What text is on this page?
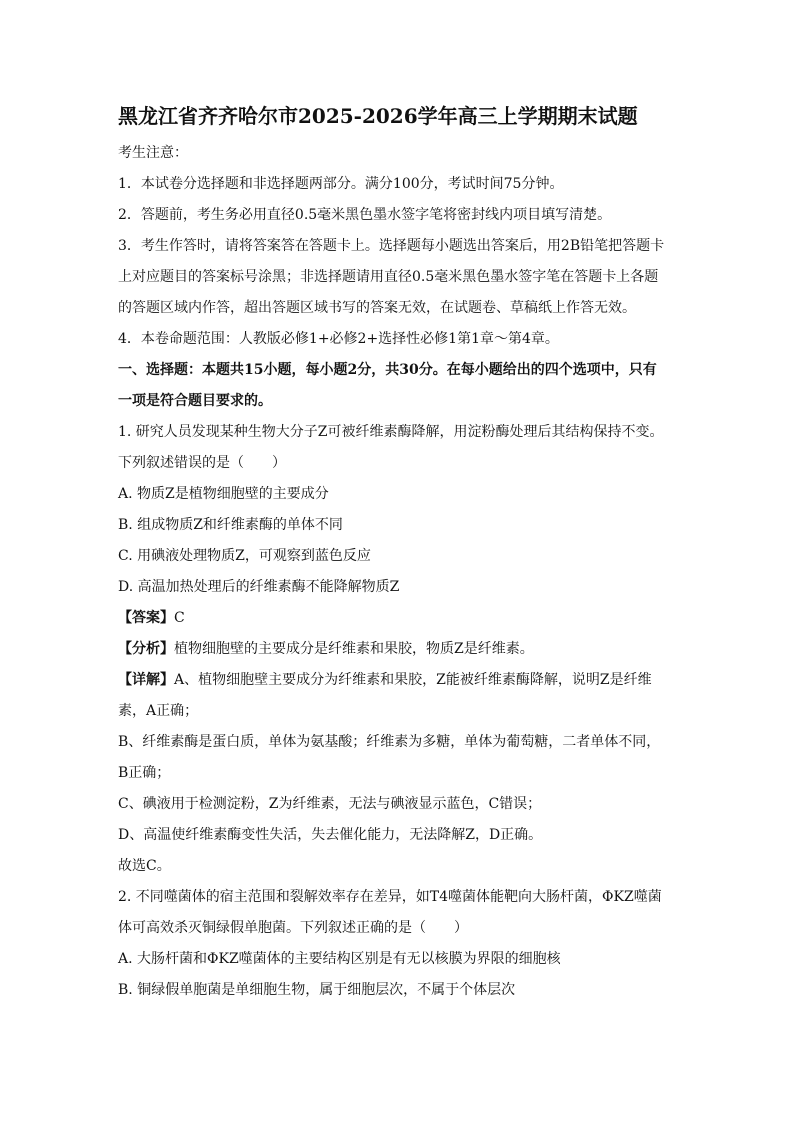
黑龙江省齐齐哈尔市2025-2026学年高三上学期期末试题
考生注意：
1．本试卷分选择题和非选择题两部分。满分100分，考试时间75分钟。
2．答题前，考生务必用直径0.5毫米黑色墨水签字笔将密封线内项目填写清楚。
3．考生作答时，请将答案答在答题卡上。选择题每小题选出答案后，用2B铅笔把答题卡
上对应题目的答案标号涂黑；非选择题请用直径0.5毫米黑色墨水签字笔在答题卡上各题
的答题区域内作答，超出答题区域书写的答案无效，在试题卷、草稿纸上作答无效。
4．本卷命题范围：人教版必修1+必修2+选择性必修1第1章～第4章。
一、选择题：本题共15小题，每小题2分，共30分。在每小题给出的四个选项中，只有
一项是符合题目要求的。
1. 研究人员发现某种生物大分子Z可被纤维素酶降解，用淀粉酶处理后其结构保持不变。
下列叙述错误的是（　　）
A. 物质Z是植物细胞壁的主要成分
B. 组成物质Z和纤维素酶的单体不同
C. 用碘液处理物质Z，可观察到蓝色反应
D. 高温加热处理后的纤维素酶不能降解物质Z
【答案】C
【分析】植物细胞壁的主要成分是纤维素和果胶，物质Z是纤维素。
【详解】A、植物细胞壁主要成分为纤维素和果胶，Z能被纤维素酶降解，说明Z是纤维
素，A正确；
B、纤维素酶是蛋白质，单体为氨基酸；纤维素为多糖，单体为葡萄糖，二者单体不同，
B正确；
C、碘液用于检测淀粉，Z为纤维素，无法与碘液显示蓝色，C错误；
D、高温使纤维素酶变性失活，失去催化能力，无法降解Z，D正确。
故选C。
2. 不同噬菌体的宿主范围和裂解效率存在差异，如T4噬菌体能靶向大肠杆菌，ΦKZ噬菌
体可高效杀灭铜绿假单胞菌。下列叙述正确的是（　　）
A. 大肠杆菌和ΦKZ噬菌体的主要结构区别是有无以核膜为界限的细胞核
B. 铜绿假单胞菌是单细胞生物，属于细胞层次，不属于个体层次
